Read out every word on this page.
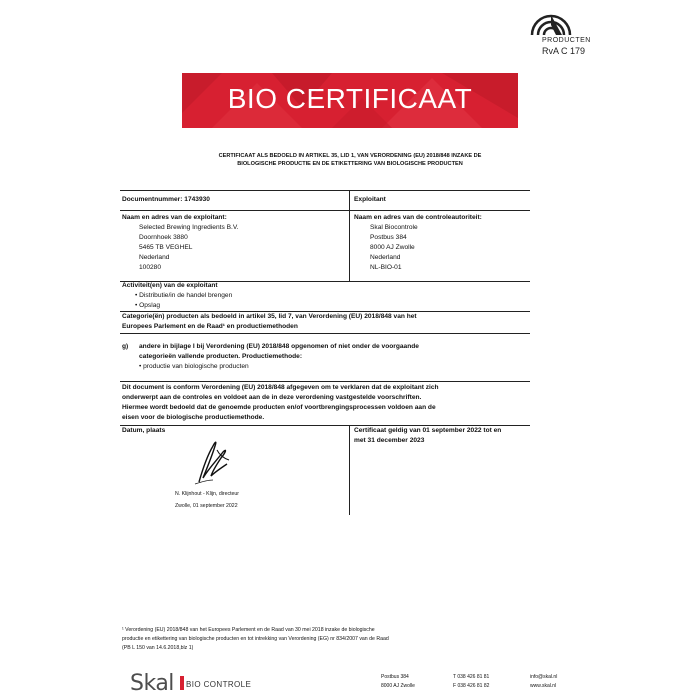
PRODUCTEN
RvA C 179
BIO CERTIFICAAT
CERTIFICAAT ALS BEDOELD IN ARTIKEL 35, LID 1, VAN VERORDENING (EU) 2018/848 INZAKE DE
BIOLOGISCHE PRODUCTIE EN DE ETIKETTERING VAN BIOLOGISCHE PRODUCTEN
Documentnummer: 1743930	Exploitant
Naam en adres van de exploitant:
Selected Brewing Ingredients B.V.
Doornhoek 3880
5465 TB VEGHEL
Nederland
100280
Naam en adres van de controleautoriteit:
Skal Biocontrole
Postbus 384
8000 AJ Zwolle
Nederland
NL-BIO-01
Activiteit(en) van de exploitant
• Distributie/in de handel brengen
• Opslag
Categorie(ën) producten als bedoeld in artikel 35, lid 7, van Verordening (EU) 2018/848 van het
Europees Parlement en de Raad¹ en productiemethoden
g) andere in bijlage I bij Verordening (EU) 2018/848 opgenomen of niet onder de voorgaande
categorieën vallende producten. Productiemethode:
• productie van biologische producten
Dit document is conform Verordening (EU) 2018/848 afgegeven om te verklaren dat de exploitant zich
onderwerpt aan de controles en voldoet aan de in deze verordening vastgestelde voorschriften.
Hiermee wordt bedoeld dat de genoemde producten en/of voortbrengingsprocessen voldoen aan de
eisen voor de biologische productiemethode.
Datum, plaats	Certificaat geldig van 01 september 2022 tot en
met 31 december 2023
N. Klijnhout - Klijn, directeur
Zwolle, 01 september 2022
¹ Verordening (EU) 2018/848 van het Europees Parlement en de Raad van 30 mei 2018 inzake de biologische
productie en etikettering van biologische producten en tot intrekking van Verordening (EG) nr 834/2007 van de Raad
(PB L 150 van 14.6.2018,blz 1)
Skal BIO CONTROLE
Postbus 384
8000 AJ Zwolle
T 038 426 81 81
F 038 426 81 82
info@skal.nl
www.skal.nl
